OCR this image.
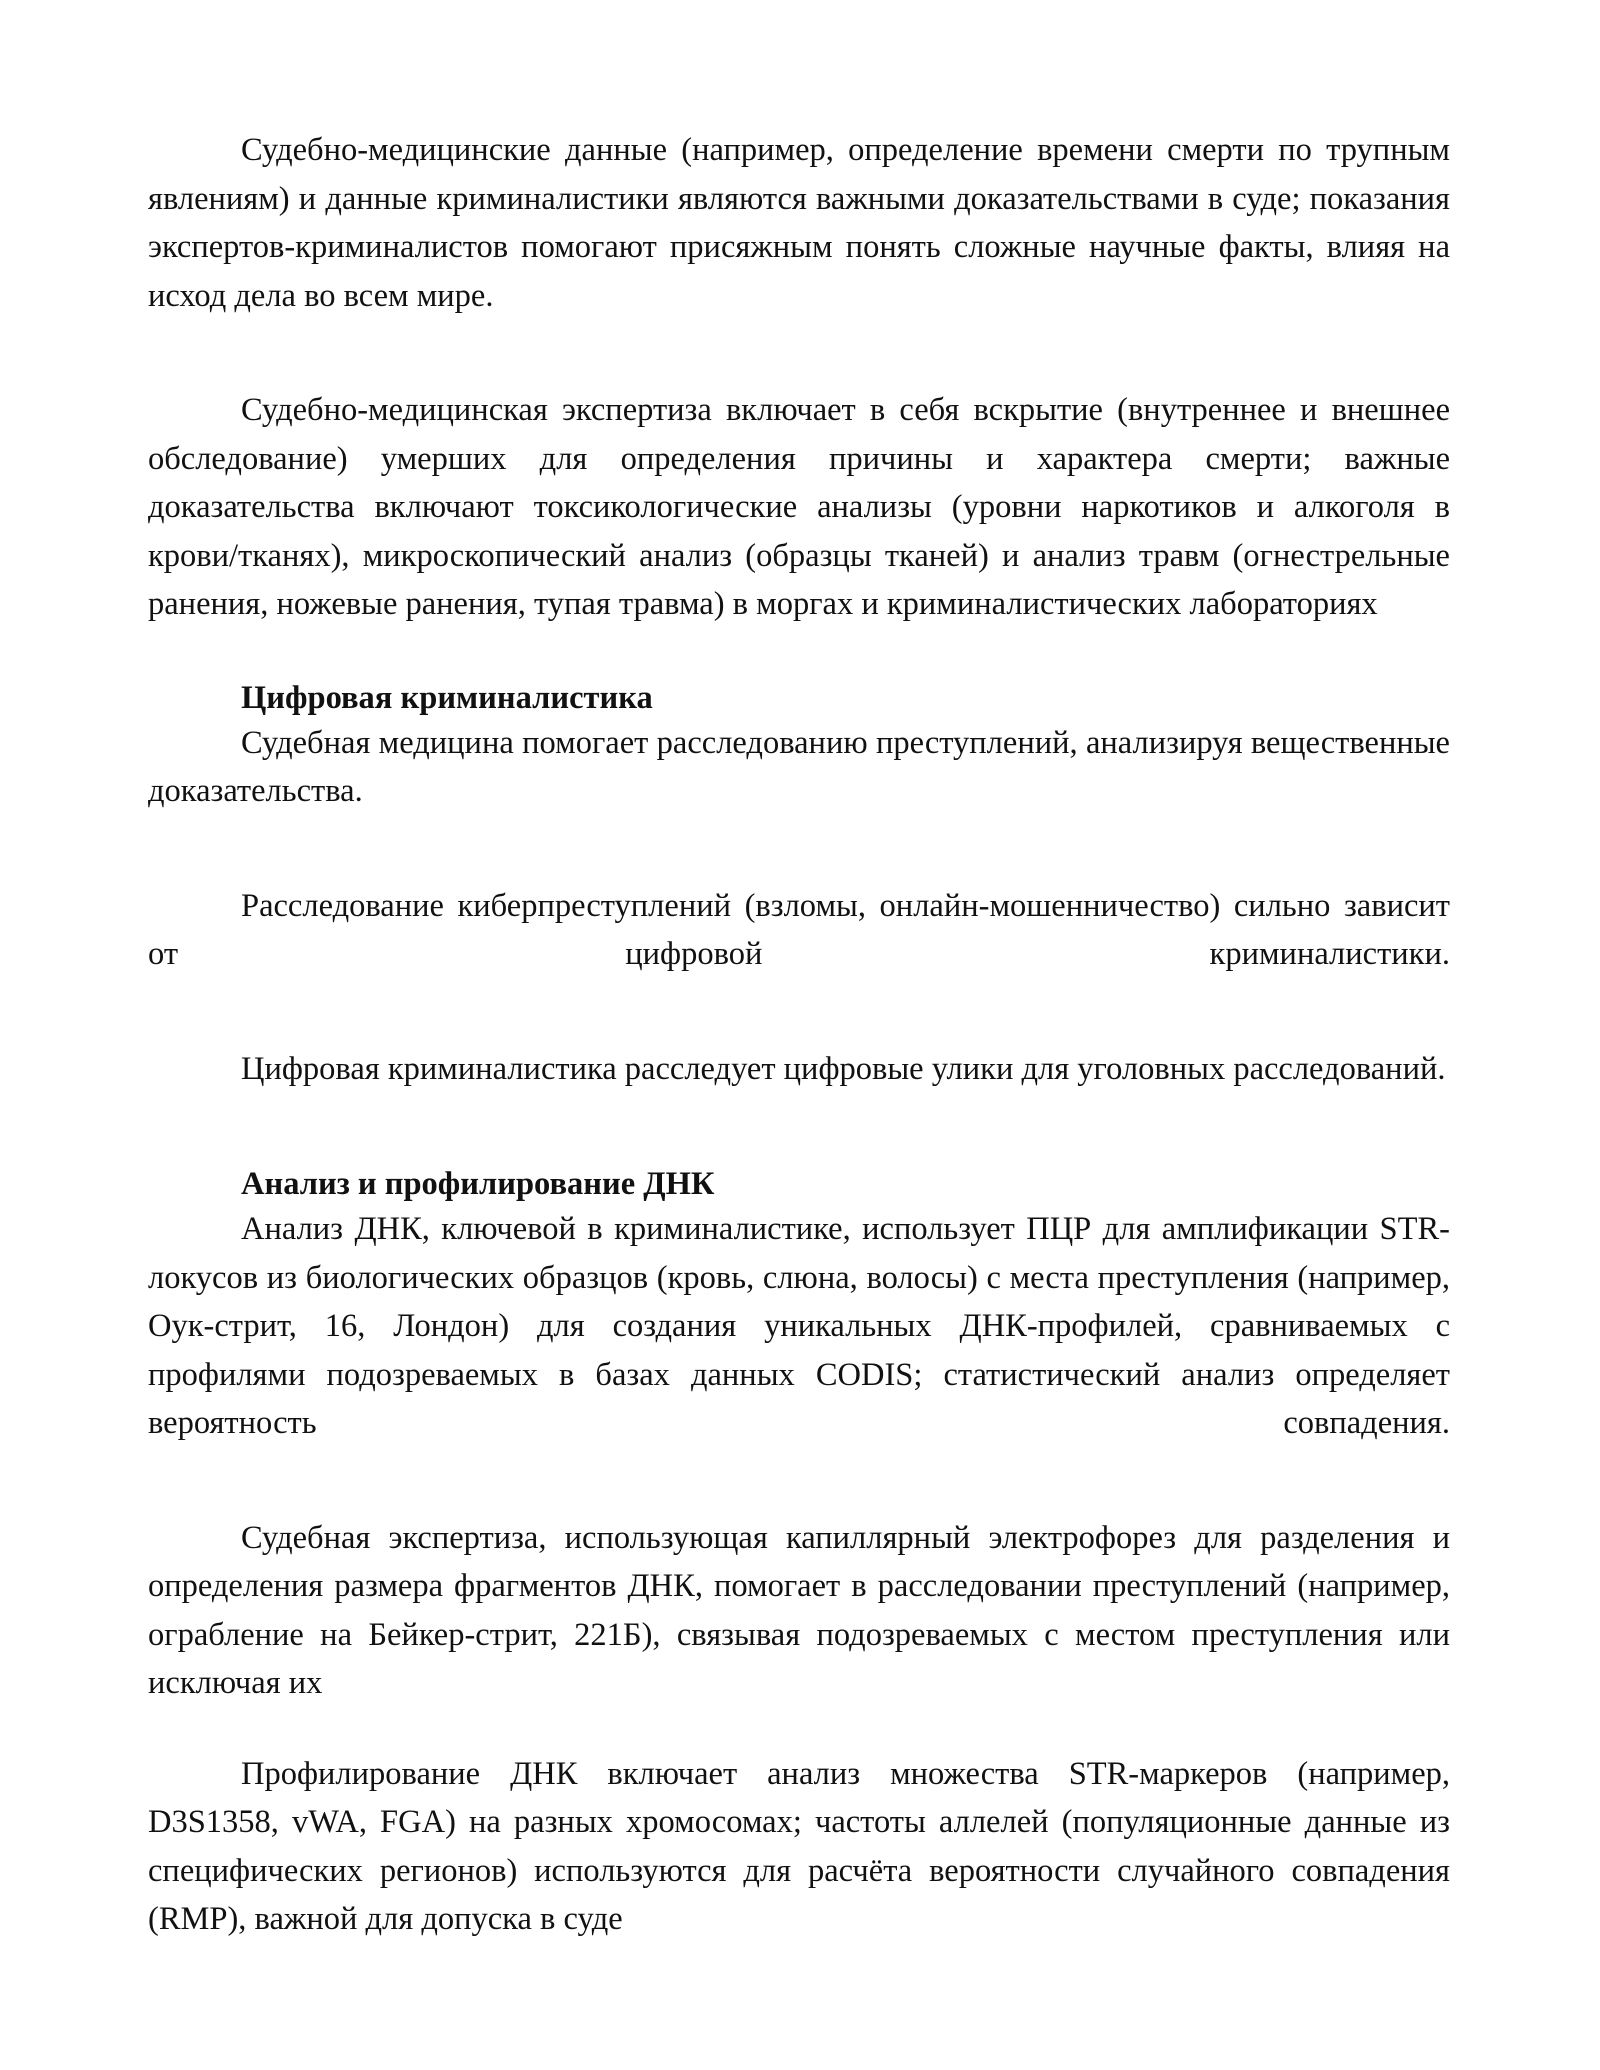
Судебно-медицинские данные (например, определение времени смерти по трупным явлениям) и данные криминалистики являются важными доказательствами в суде; показания экспертов-криминалистов помогают присяжным понять сложные научные факты, влияя на исход дела во всем мире.

Судебно-медицинская экспертиза включает в себя вскрытие (внутреннее и внешнее обследование) умерших для определения причины и характера смерти; важные доказательства включают токсикологические анализы (уровни наркотиков и алкоголя в крови/тканях), микроскопический анализ (образцы тканей) и анализ травм (огнестрельные ранения, ножевые ранения, тупая травма) в моргах и криминалистических лабораториях

Цифровая криминалистика

Судебная медицина помогает расследованию преступлений, анализируя вещественные доказательства.

Расследование киберпреступлений (взломы, онлайн-мошенничество) сильно зависит от цифровой криминалистики.

Цифровая криминалистика расследует цифровые улики для уголовных расследований.

Анализ и профилирование ДНК

Анализ ДНК, ключевой в криминалистике, использует ПЦР для амплификации STR-локусов из биологических образцов (кровь, слюна, волосы) с места преступления (например, Оук-стрит, 16, Лондон) для создания уникальных ДНК-профилей, сравниваемых с профилями подозреваемых в базах данных CODIS; статистический анализ определяет вероятность совпадения.

Судебная экспертиза, использующая капиллярный электрофорез для разделения и определения размера фрагментов ДНК, помогает в расследовании преступлений (например, ограбление на Бейкер-стрит, 221Б), связывая подозреваемых с местом преступления или исключая их

Профилирование ДНК включает анализ множества STR-маркеров (например, D3S1358, vWA, FGA) на разных хромосомах; частоты аллелей (популяционные данные из специфических регионов) используются для расчёта вероятности случайного совпадения (RMP), важной для допуска в суде
